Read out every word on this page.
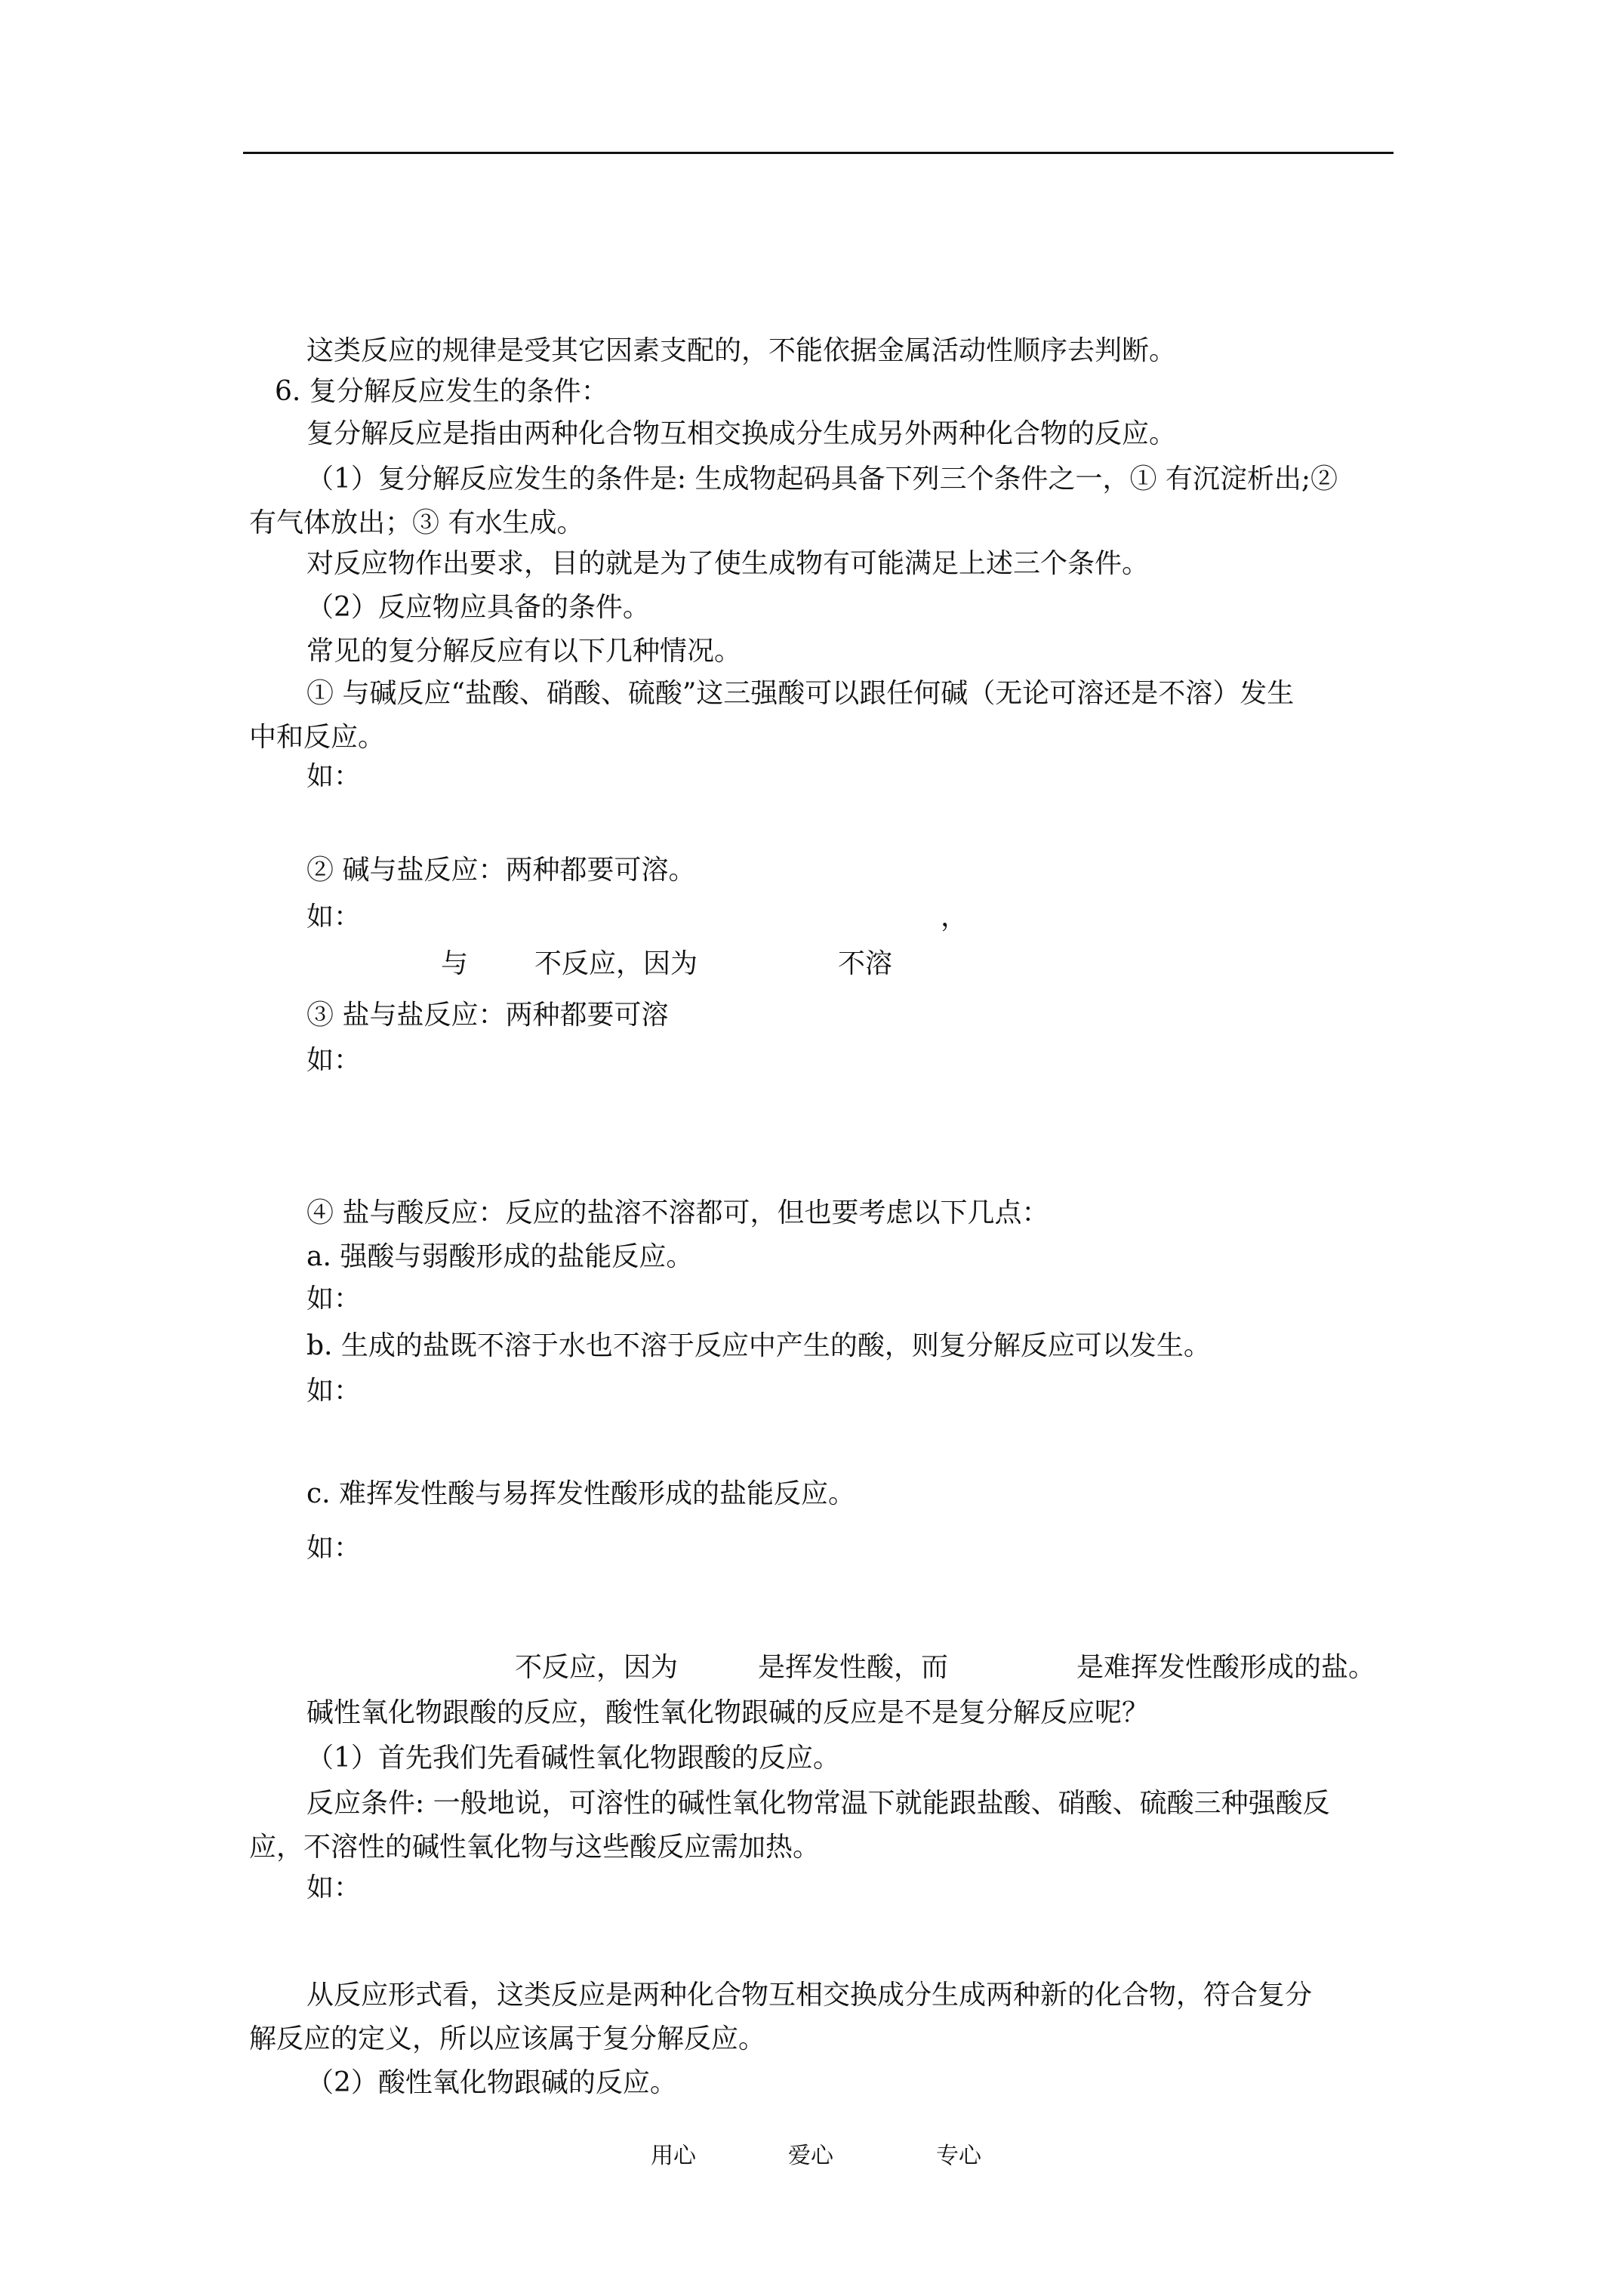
这类反应的规律是受其它因素支配的，不能依据金属活动性顺序去判断。
6. 复分解反应发生的条件：
复分解反应是指由两种化合物互相交换成分生成另外两种化合物的反应。
（1）复分解反应发生的条件是: 生成物起码具备下列三个条件之一，① 有沉淀析出;②
有气体放出；③ 有水生成。
对反应物作出要求，目的就是为了使生成物有可能满足上述三个条件。
（2）反应物应具备的条件。
常见的复分解反应有以下几种情况。
① 与碱反应“盐酸、硝酸、硫酸”这三强酸可以跟任何碱（无论可溶还是不溶）发生
中和反应。
如：
② 碱与盐反应：两种都要可溶。
如：	，
与 不反应，因为	不溶
③ 盐与盐反应：两种都要可溶
如：
④ 盐与酸反应：反应的盐溶不溶都可，但也要考虑以下几点：
a. 强酸与弱酸形成的盐能反应。
如：
b. 生成的盐既不溶于水也不溶于反应中产生的酸，则复分解反应可以发生。
如：
c. 难挥发性酸与易挥发性酸形成的盐能反应。
如：
不反应，因为	是挥发性酸，而	是难挥发性酸形成的盐。
碱性氧化物跟酸的反应，酸性氧化物跟碱的反应是不是复分解反应呢？
（1）首先我们先看碱性氧化物跟酸的反应。
反应条件: 一般地说，可溶性的碱性氧化物常温下就能跟盐酸、硝酸、硫酸三种强酸反
应，不溶性的碱性氧化物与这些酸反应需加热。
如：
从反应形式看，这类反应是两种化合物互相交换成分生成两种新的化合物，符合复分
解反应的定义，所以应该属于复分解反应。
（2）酸性氧化物跟碱的反应。
用心	爱心	专心
